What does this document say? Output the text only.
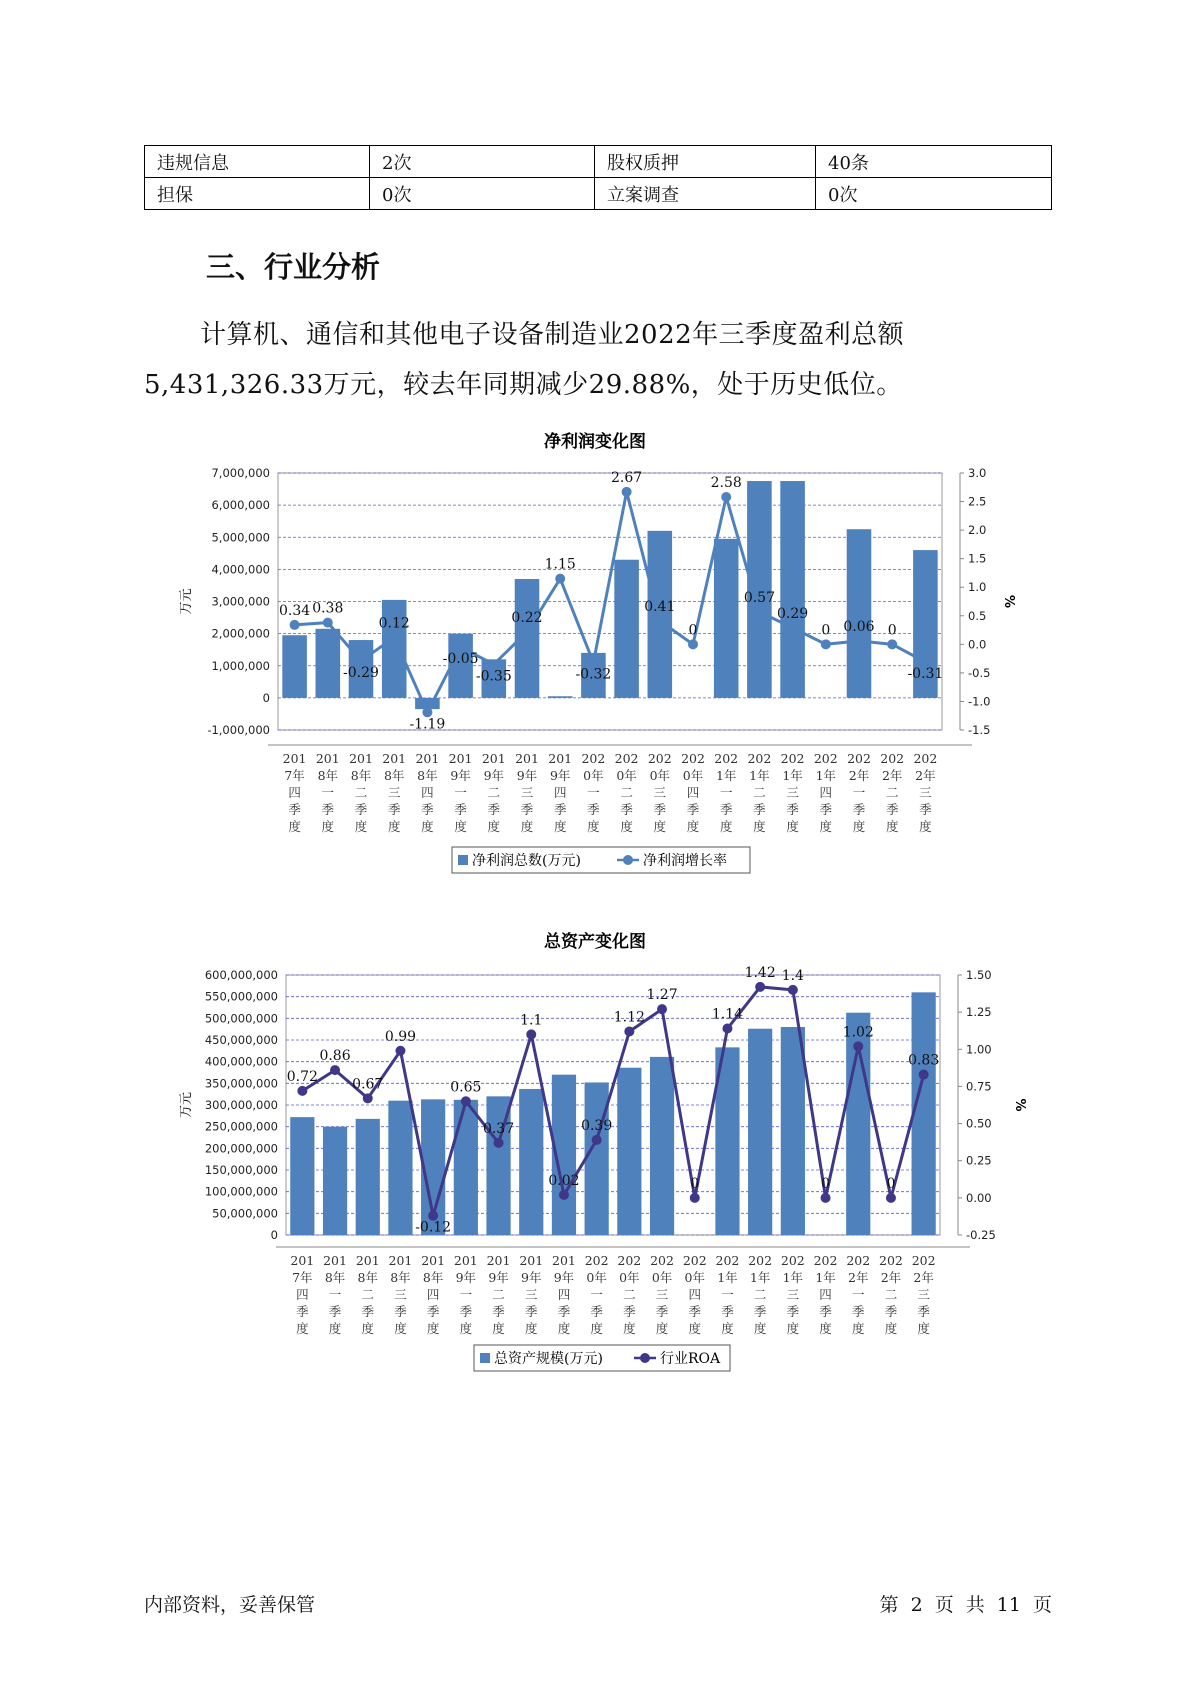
违规信息	2次	股权质押	40条
担保	0次	立案调查	0次
三、行业分析

计算机、通信和其他电子设备制造业2022年三季度盈利总额5,431,326.33万元，较去年同期减少29.88%，处于历史低位。

净利润变化图
-1,000,000
0
1,000,000
2,000,000
3,000,000
4,000,000
5,000,000
6,000,000
7,000,000
-1.5
-1.0
-0.5
0.0
0.5
1.0
1.5
2.0
2.5
3.0
万元	%
0.34 0.38
-0.29
0.12
-1.19
-0.05
-0.35
0.22
1.15
-0.32
2.67
0.41
0
2.58
0.57
0.29
0 0.06 0
-0.31
201 7年四季度
201 8年一季度
201 8年二季度
201 8年三季度
201 8年四季度
201 9年一季度
201 9年二季度
201 9年三季度
201 9年四季度
202 0年一季度
202 0年二季度
202 0年三季度
202 0年四季度
202 1年一季度
202 1年二季度
202 1年三季度
202 1年四季度
202 2年一季度
202 2年二季度
202 2年三季度
净利润总数(万元)	净利润增长率
总资产变化图
0
50,000,000
100,000,000
150,000,000
200,000,000
250,000,000
300,000,000
350,000,000
400,000,000
450,000,000
500,000,000
550,000,000
600,000,000
-0.25
0.00
0.25
0.50
0.75
1.00
1.25
1.50
万元	%
0.72
0.86
0.67
0.99
-0.12
0.65
0.37
1.1
0.02
0.39
1.12
1.27
0
1.14
1.42 1.4
0
1.02
0
0.83
201 7年四季度
201 8年一季度
201 8年二季度
201 8年三季度
201 8年四季度
201 9年一季度
201 9年二季度
201 9年三季度
201 9年四季度
202 0年一季度
202 0年二季度
202 0年三季度
202 0年四季度
202 1年一季度
202 1年二季度
202 1年三季度
202 1年四季度
202 2年一季度
202 2年二季度
202 2年三季度
总资产规模(万元)	行业ROA
内部资料，妥善保管	第 2 页 共 11 页
